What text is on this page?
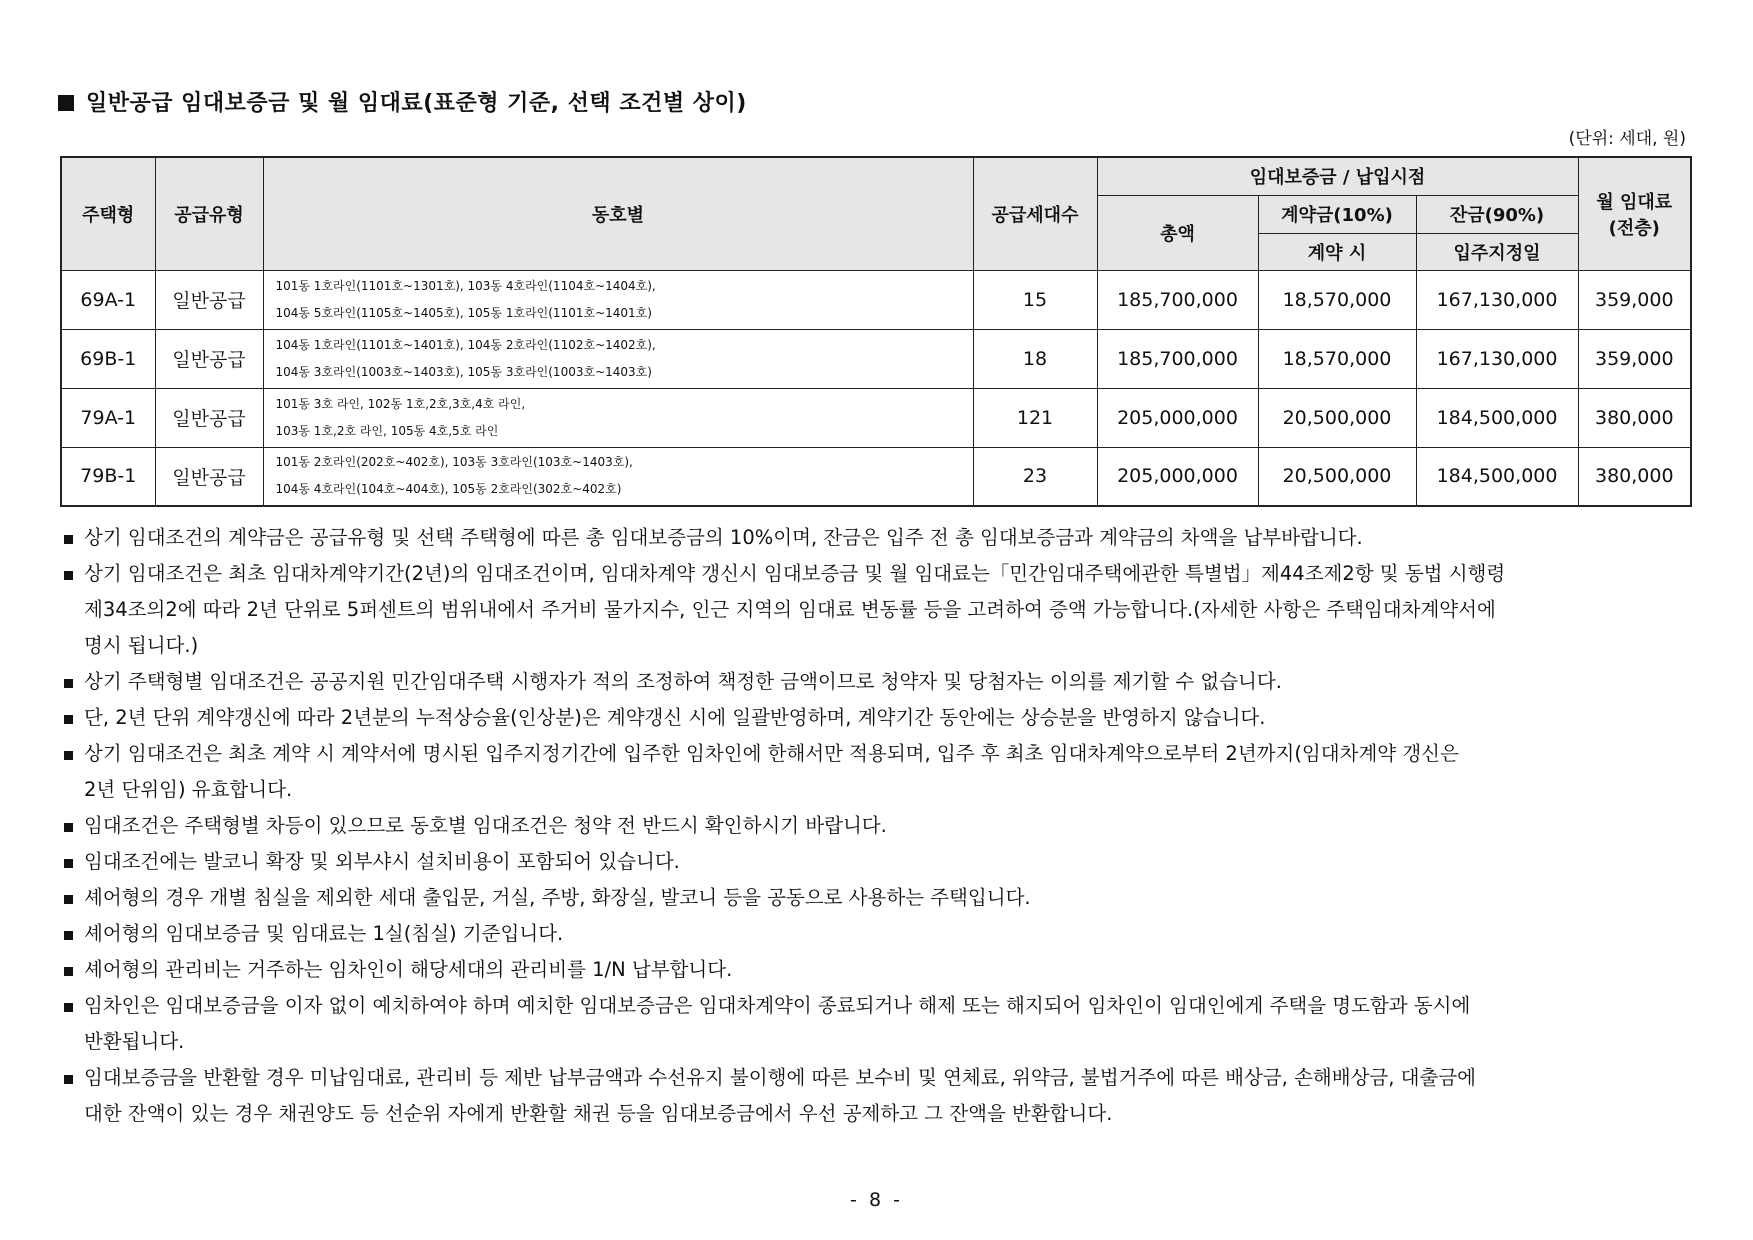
일반공급 임대보증금 및 월 임대료(표준형 기준, 선택 조건별 상이)
(단위: 세대, 원)
주택형	공급유형	동호별	공급세대수	임대보증금 / 납입시점			월 임대료
(전층)

				총액	계약금(10%)	잔금(90%)	
					계약 시	입주지정일	
69A-1	일반공급	101동 1호라인(1101호~1301호), 103동 4호라인(1104호~1404호),
104동 5호라인(1105호~1405호), 105동 1호라인(1101호~1401호)	15	185,700,000	18,570,000	167,130,000	359,000
69B-1	일반공급	104동 1호라인(1101호~1401호), 104동 2호라인(1102호~1402호),
104동 3호라인(1003호~1403호), 105동 3호라인(1003호~1403호)	18	185,700,000	18,570,000	167,130,000	359,000
79A-1	일반공급	101동 3호 라인, 102동 1호,2호,3호,4호 라인,
103동 1호,2호 라인, 105동 4호,5호 라인	121	205,000,000	20,500,000	184,500,000	380,000
79B-1	일반공급	101동 2호라인(202호~402호), 103동 3호라인(103호~1403호),
104동 4호라인(104호~404호), 105동 2호라인(302호~402호)	23	205,000,000	20,500,000	184,500,000	380,000
상기 임대조건의 계약금은 공급유형 및 선택 주택형에 따른 총 임대보증금의 10%이며, 잔금은 입주 전 총 임대보증금과 계약금의 차액을 납부바랍니다.
상기 임대조건은 최초 임대차계약기간(2년)의 임대조건이며, 임대차계약 갱신시 임대보증금 및 월 임대료는「민간임대주택에관한 특별법」제44조제2항 및 동법 시행령
제34조의2에 따라 2년 단위로 5퍼센트의 범위내에서 주거비 물가지수, 인근 지역의 임대료 변동률 등을 고려하여 증액 가능합니다.(자세한 사항은 주택임대차계약서에
명시 됩니다.)
상기 주택형별 임대조건은 공공지원 민간임대주택 시행자가 적의 조정하여 책정한 금액이므로 청약자 및 당첨자는 이의를 제기할 수 없습니다.
단, 2년 단위 계약갱신에 따라 2년분의 누적상승율(인상분)은 계약갱신 시에 일괄반영하며, 계약기간 동안에는 상승분을 반영하지 않습니다.
상기 임대조건은 최초 계약 시 계약서에 명시된 입주지정기간에 입주한 임차인에 한해서만 적용되며, 입주 후 최초 임대차계약으로부터 2년까지(임대차계약 갱신은
2년 단위임) 유효합니다.
임대조건은 주택형별 차등이 있으므로 동호별 임대조건은 청약 전 반드시 확인하시기 바랍니다.
임대조건에는 발코니 확장 및 외부샤시 설치비용이 포함되어 있습니다.
셰어형의 경우 개별 침실을 제외한 세대 출입문, 거실, 주방, 화장실, 발코니 등을 공동으로 사용하는 주택입니다.
셰어형의 임대보증금 및 임대료는 1실(침실) 기준입니다.
셰어형의 관리비는 거주하는 임차인이 해당세대의 관리비를 1/N 납부합니다.
임차인은 임대보증금을 이자 없이 예치하여야 하며 예치한 임대보증금은 임대차계약이 종료되거나 해제 또는 해지되어 임차인이 임대인에게 주택을 명도함과 동시에
반환됩니다.
임대보증금을 반환할 경우 미납임대료, 관리비 등 제반 납부금액과 수선유지 불이행에 따른 보수비 및 연체료, 위약금, 불법거주에 따른 배상금, 손해배상금, 대출금에
대한 잔액이 있는 경우 채권양도 등 선순위 자에게 반환할 채권 등을 임대보증금에서 우선 공제하고 그 잔액을 반환합니다.
- 8 -
